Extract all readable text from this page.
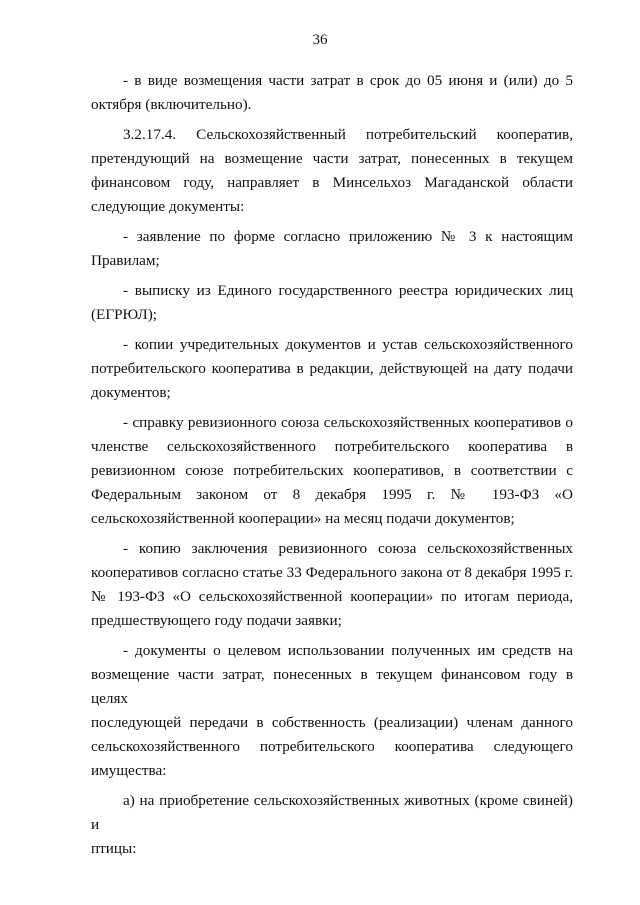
36
- в виде возмещения части затрат в срок до 05 июня и (или) до 5
октября (включительно).
3.2.17.4. Сельскохозяйственный потребительский кооператив,
претендующий на возмещение части затрат, понесенных в текущем
финансовом году, направляет в Минсельхоз Магаданской области
следующие документы:
- заявление по форме согласно приложению № 3 к настоящим
Правилам;
- выписку из Единого государственного реестра юридических лиц
(ЕГРЮЛ);
- копии учредительных документов и устав сельскохозяйственного
потребительского кооператива в редакции, действующей на дату подачи
документов;
- справку ревизионного союза сельскохозяйственных кооперативов о
членстве сельскохозяйственного потребительского кооператива в
ревизионном союзе потребительских кооперативов, в соответствии с
Федеральным законом от 8 декабря 1995 г. № 193-ФЗ «О
сельскохозяйственной кооперации» на месяц подачи документов;
- копию заключения ревизионного союза сельскохозяйственных
кооперативов согласно статье 33 Федерального закона от 8 декабря 1995 г.
№ 193-ФЗ «О сельскохозяйственной кооперации» по итогам периода,
предшествующего году подачи заявки;
- документы о целевом использовании полученных им средств на
возмещение части затрат, понесенных в текущем финансовом году в целях
последующей передачи в собственность (реализации) членам данного
сельскохозяйственного потребительского кооператива следующего
имущества:
а) на приобретение сельскохозяйственных животных (кроме свиней) и
птицы:
